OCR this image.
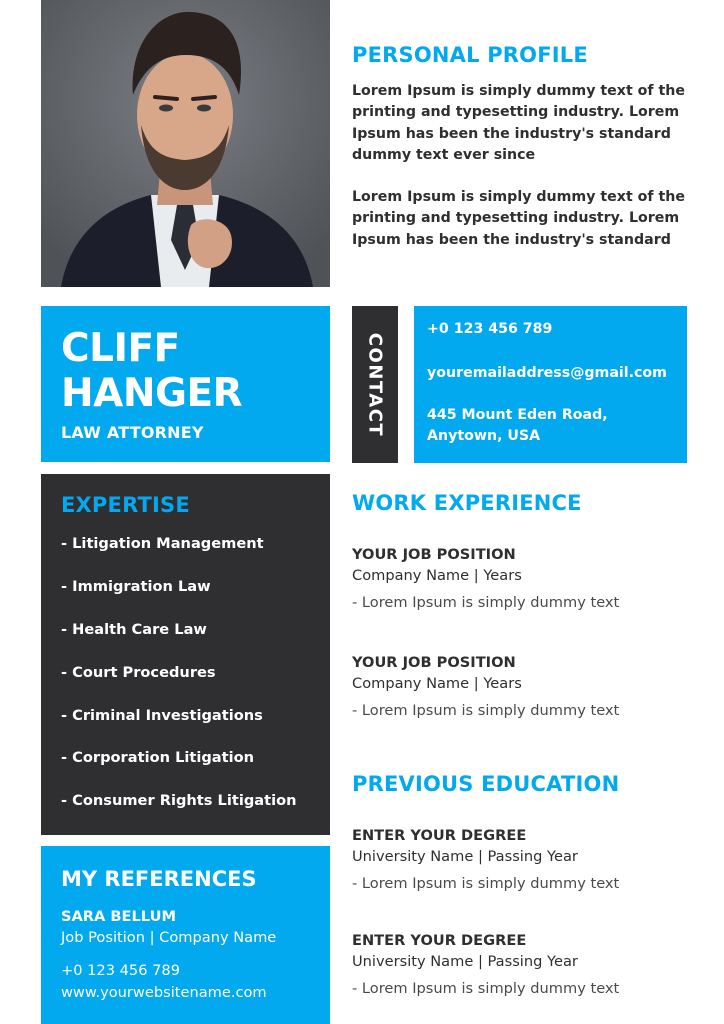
PERSONAL PROFILE

Lorem Ipsum is simply dummy text of the printing and typesetting industry. Lorem Ipsum has been the industry's standard dummy text ever since

Lorem Ipsum is simply dummy text of the printing and typesetting industry. Lorem Ipsum has been the industry's standard

CLIFF
HANGER
LAW ATTORNEY	CONTACT
+0 123 456 789
youremailaddress@gmail.com
445 Mount Eden Road, Anytown, USA
EXPERTISE
- Litigation Management
- Immigration Law
- Health Care Law
- Court Procedures
- Criminal Investigations
- Corporation Litigation
- Consumer Rights Litigation
MY REFERENCES
SARA BELLUM
Job Position | Company Name
+0 123 456 789
www.yourwebsitename.com
WORK EXPERIENCE
YOUR JOB POSITION
Company Name | Years
- Lorem Ipsum is simply dummy text
YOUR JOB POSITION
Company Name | Years
- Lorem Ipsum is simply dummy text
PREVIOUS EDUCATION
ENTER YOUR DEGREE
University Name | Passing Year
- Lorem Ipsum is simply dummy text
ENTER YOUR DEGREE
University Name | Passing Year
- Lorem Ipsum is simply dummy text
